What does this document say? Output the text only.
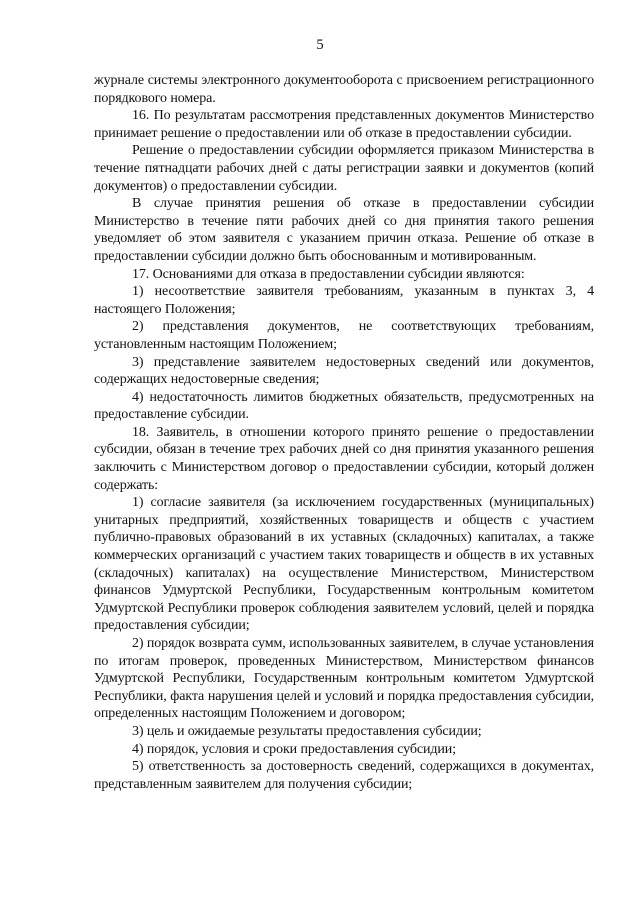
5

журнале системы электронного документооборота с присвоением регистрационного порядкового номера.

16. По результатам рассмотрения представленных документов Министерство принимает решение о предоставлении или об отказе в предоставлении субсидии.

Решение о предоставлении субсидии оформляется приказом Министерства в течение пятнадцати рабочих дней с даты регистрации заявки и документов (копий документов) о предоставлении субсидии.

В случае принятия решения об отказе в предоставлении субсидии Министерство в течение пяти рабочих дней со дня принятия такого решения уведомляет об этом заявителя с указанием причин отказа. Решение об отказе в предоставлении субсидии должно быть обоснованным и мотивированным.

17. Основаниями для отказа в предоставлении субсидии являются:

1) несоответствие заявителя требованиям, указанным в пунктах 3, 4 настоящего Положения;

2) представления документов, не соответствующих требованиям, установленным настоящим Положением;

3) представление заявителем недостоверных сведений или документов, содержащих недостоверные сведения;

4) недостаточность лимитов бюджетных обязательств, предусмотренных на предоставление субсидии.

18. Заявитель, в отношении которого принято решение о предоставлении субсидии, обязан в течение трех рабочих дней со дня принятия указанного решения заключить с Министерством договор о предоставлении субсидии, который должен содержать:

1) согласие заявителя (за исключением государственных (муниципальных) унитарных предприятий, хозяйственных товариществ и обществ с участием публично-правовых образований в их уставных (складочных) капиталах, а также коммерческих организаций с участием таких товариществ и обществ в их уставных (складочных) капиталах) на осуществление Министерством, Министерством финансов Удмуртской Республики, Государственным контрольным комитетом Удмуртской Республики проверок соблюдения заявителем условий, целей и порядка предоставления субсидии;

2) порядок возврата сумм, использованных заявителем, в случае установления по итогам проверок, проведенных Министерством, Министерством финансов Удмуртской Республики, Государственным контрольным комитетом Удмуртской Республики, факта нарушения целей и условий и порядка предоставления субсидии, определенных настоящим Положением и договором;

3) цель и ожидаемые результаты предоставления субсидии;

4) порядок, условия и сроки предоставления субсидии;

5) ответственность за достоверность сведений, содержащихся в документах, представленным заявителем для получения субсидии;
